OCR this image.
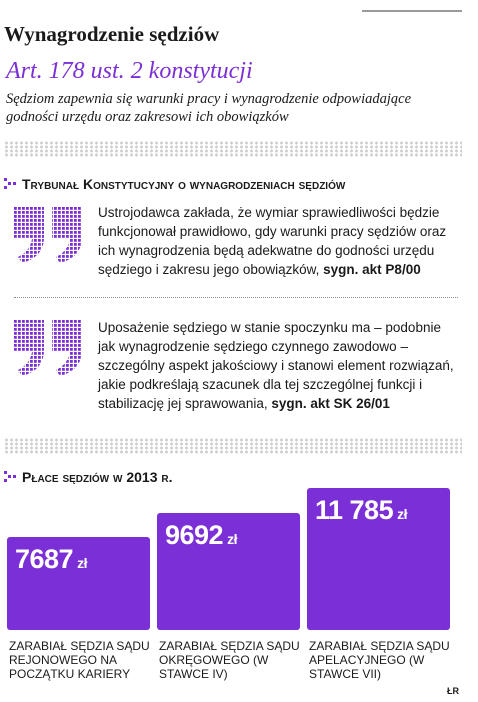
Wynagrodzenie sędziów
Art. 178 ust. 2 konstytucji
Sędziom zapewnia się warunki pracy i wynagrodzenie odpowiadające godności urzędu oraz zakresowi ich obowiązków
Trybunał Konstytucyjny o wynagrodzeniach sędziów
Ustrojodawca zakłada, że wymiar sprawiedliwości będzie funkcjonował prawidłowo, gdy warunki pracy sędziów oraz ich wynagrodzenia będą adekwatne do godności urzędu sędziego i zakresu jego obowiązków, sygn. akt P8/00
Uposażenie sędziego w stanie spoczynku ma – podobnie jak wynagrodzenie sędziego czynnego zawodowo – szczególny aspekt jakościowy i stanowi element rozwiązań, jakie podkreślają szacunek dla tej szczególnej funkcji i stabilizację jej sprawowania, sygn. akt SK 26/01
Płace sędziów w 2013 r.
7687 zł
ZARABIAŁ SĘDZIA SĄDU REJONOWEGO NA POCZĄTKU KARIERY
9692 zł
ZARABIAŁ SĘDZIA SĄDU OKRĘGOWEGO (W STAWCE IV)
11 785 zł
ZARABIAŁ SĘDZIA SĄDU APELACYJNEGO (W STAWCE VII)
ŁR
